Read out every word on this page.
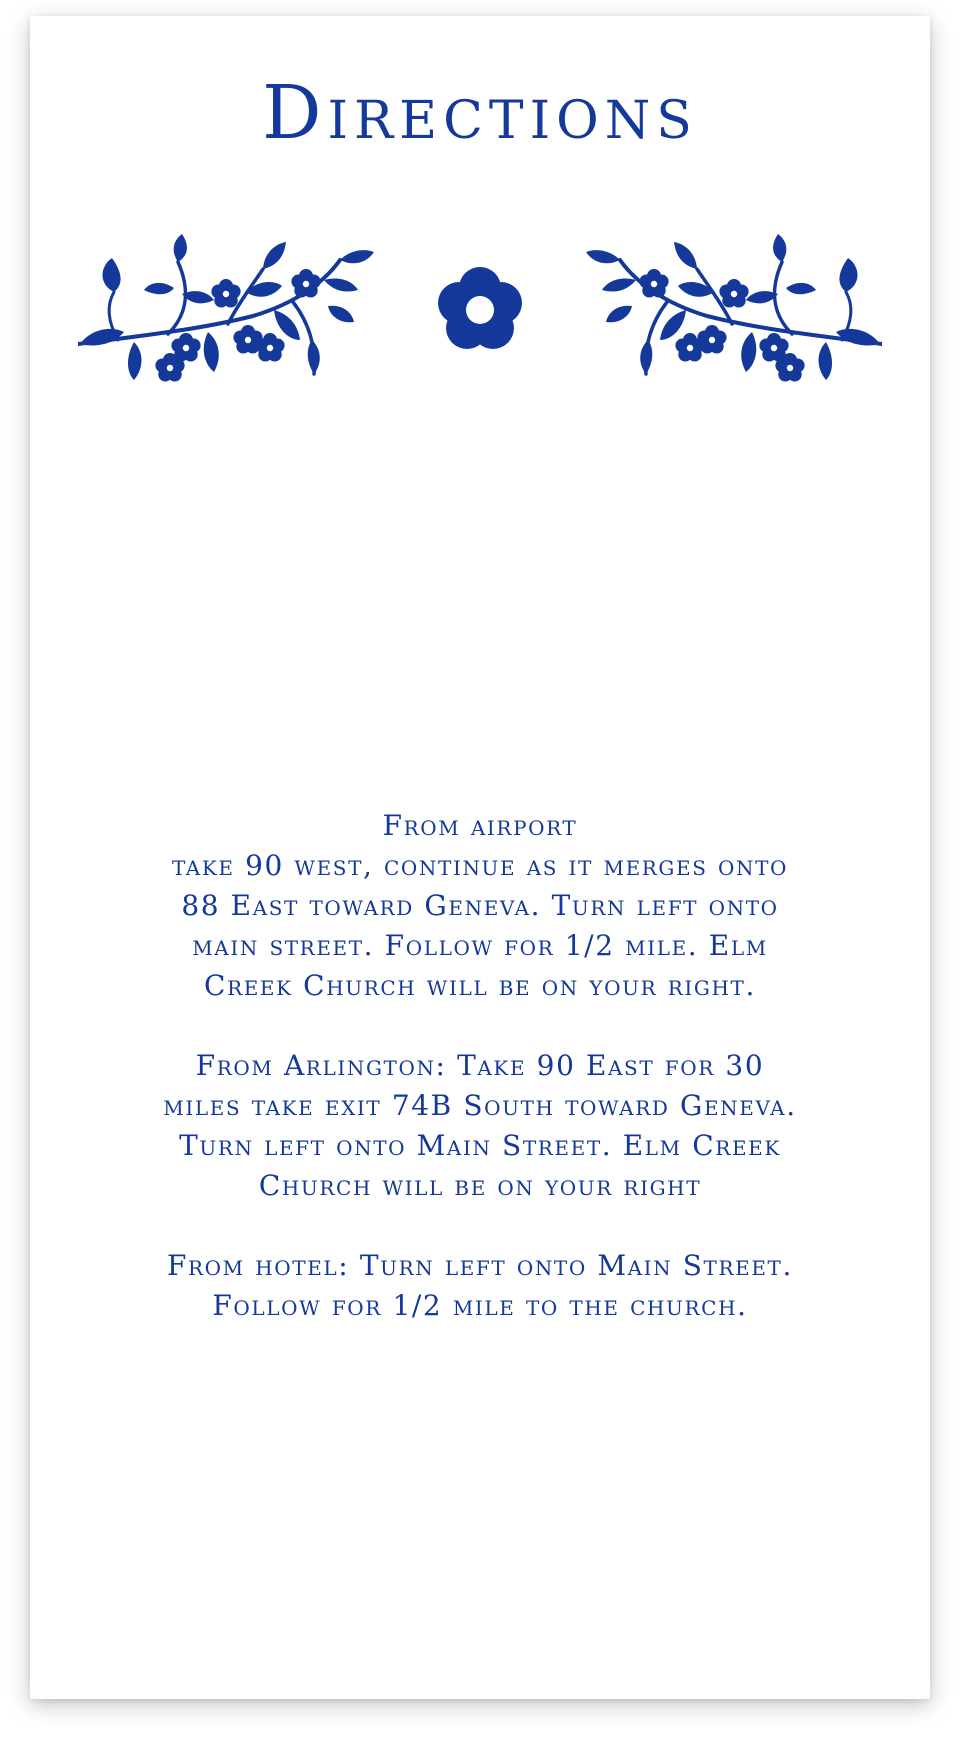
Directions

From airport
take 90 west, continue as it merges onto
88 East toward Geneva. Turn left onto
main street. Follow for 1/2 mile. Elm
Creek Church will be on your right.

From Arlington: Take 90 East for 30
miles take exit 74B South toward Geneva.
Turn left onto Main Street. Elm Creek
Church will be on your right

From hotel: Turn left onto Main Street.
Follow for 1/2 mile to the church.
